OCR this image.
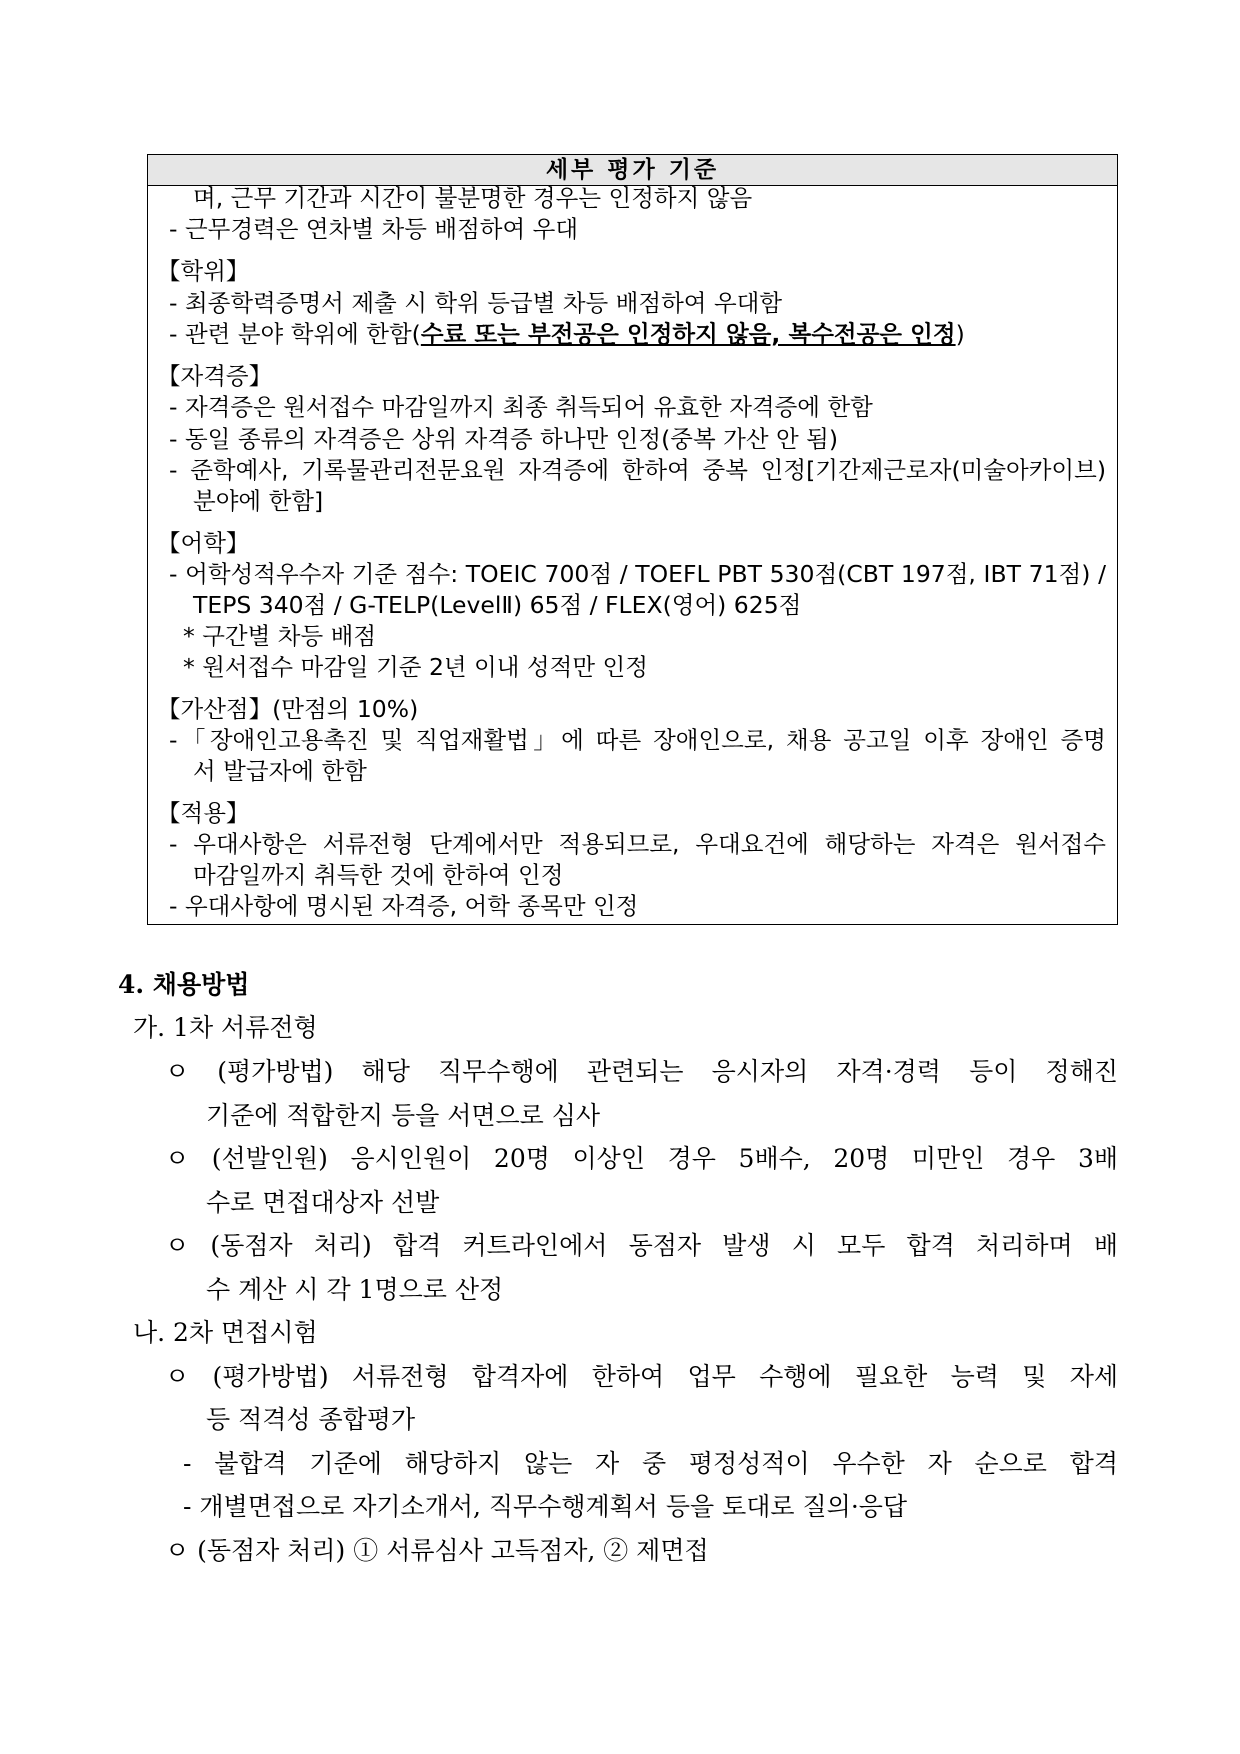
세부 평가 기준
며, 근무 기간과 시간이 불분명한 경우는 인정하지 않음
- 근무경력은 연차별 차등 배점하여 우대
【학위】
- 최종학력증명서 제출 시 학위 등급별 차등 배점하여 우대함
- 관련 분야 학위에 한함(수료 또는 부전공은 인정하지 않음, 복수전공은 인정)
【자격증】
- 자격증은 원서접수 마감일까지 최종 취득되어 유효한 자격증에 한함
- 동일 종류의 자격증은 상위 자격증 하나만 인정(중복 가산 안 됨)
- 준학예사, 기록물관리전문요원 자격증에 한하여 중복 인정[기간제근로자(미술아카이브)
분야에 한함]
【어학】
- 어학성적우수자 기준 점수: TOEIC 700점 / TOEFL PBT 530점(CBT 197점, IBT 71점) /
TEPS 340점 / G-TELP(LevelⅡ) 65점 / FLEX(영어) 625점
* 구간별 차등 배점
* 원서접수 마감일 기준 2년 이내 성적만 인정
【가산점】(만점의 10%)
-「장애인고용촉진 및 직업재활법」에 따른 장애인으로, 채용 공고일 이후 장애인 증명
서 발급자에 한함
【적용】
- 우대사항은 서류전형 단계에서만 적용되므로, 우대요건에 해당하는 자격은 원서접수
마감일까지 취득한 것에 한하여 인정
- 우대사항에 명시된 자격증, 어학 종목만 인정
4. 채용방법
가. 1차 서류전형
ㅇ (평가방법) 해당 직무수행에 관련되는 응시자의 자격·경력 등이 정해진
기준에 적합한지 등을 서면으로 심사
ㅇ (선발인원) 응시인원이 20명 이상인 경우 5배수, 20명 미만인 경우 3배
수로 면접대상자 선발
ㅇ (동점자 처리) 합격 커트라인에서 동점자 발생 시 모두 합격 처리하며 배
수 계산 시 각 1명으로 산정
나. 2차 면접시험
ㅇ (평가방법) 서류전형 합격자에 한하여 업무 수행에 필요한 능력 및 자세
등 적격성 종합평가
- 불합격 기준에 해당하지 않는 자 중 평정성적이 우수한 자 순으로 합격
- 개별면접으로 자기소개서, 직무수행계획서 등을 토대로 질의·응답
ㅇ (동점자 처리) ① 서류심사 고득점자, ② 제면접
